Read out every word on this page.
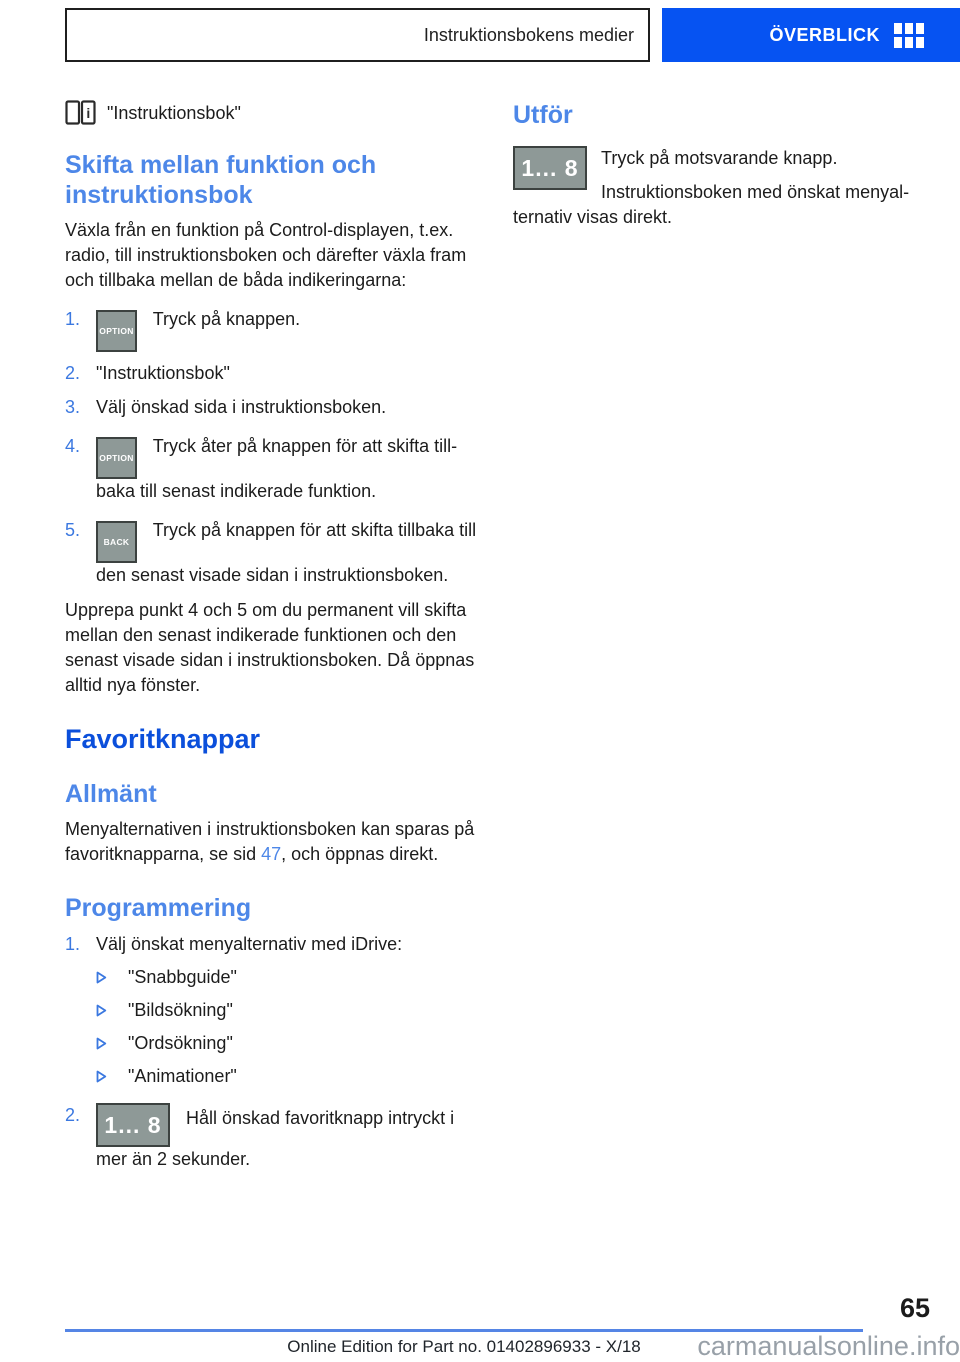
Instruktionsbokens medier	ÖVERBLICK
i "Instruktionsbok"
Skifta mellan funktion och instruktionsbok

Växla från en funktion på Control-displayen, t.ex. radio, till instruktionsboken och därefter växla fram och tillbaka mellan de båda indikeringarna:

1.
OPTION Tryck på knappen.
2. "Instruktionsbok"
3. Välj önskad sida i instruktionsboken.
4.
OPTION Tryck åter på knappen för att skifta tillbaka till senast indikerade funktion.
5.
BACK Tryck på knappen för att skifta tillbaka till den senast visade sidan i instruktionsboken.

Upprepa punkt 4 och 5 om du permanent vill skifta mellan den senast indikerade funktionen och den senast visade sidan i instruktionsboken. Då öppnas alltid nya fönster.

Favoritknappar
Allmänt

Menyalternativen i instruktionsboken kan sparas på favoritknapparna, se sid 47, och öppnas direkt.

Programmering
1. Välj önskat menyalternativ med iDrive:
"Snabbguide"
"Bildsökning"
"Ordsökning"
"Animationer"
2. 1... 8 Håll önskad favoritknapp intryckt i mer än 2 sekunder.
Utför
1... 8	Tryck på motsvarande knapp.

Instruktionsboken med önskat menyalternativ visas direkt.

65
Online Edition for Part no. 01402896933 - X/18	carmanualsonline.info
